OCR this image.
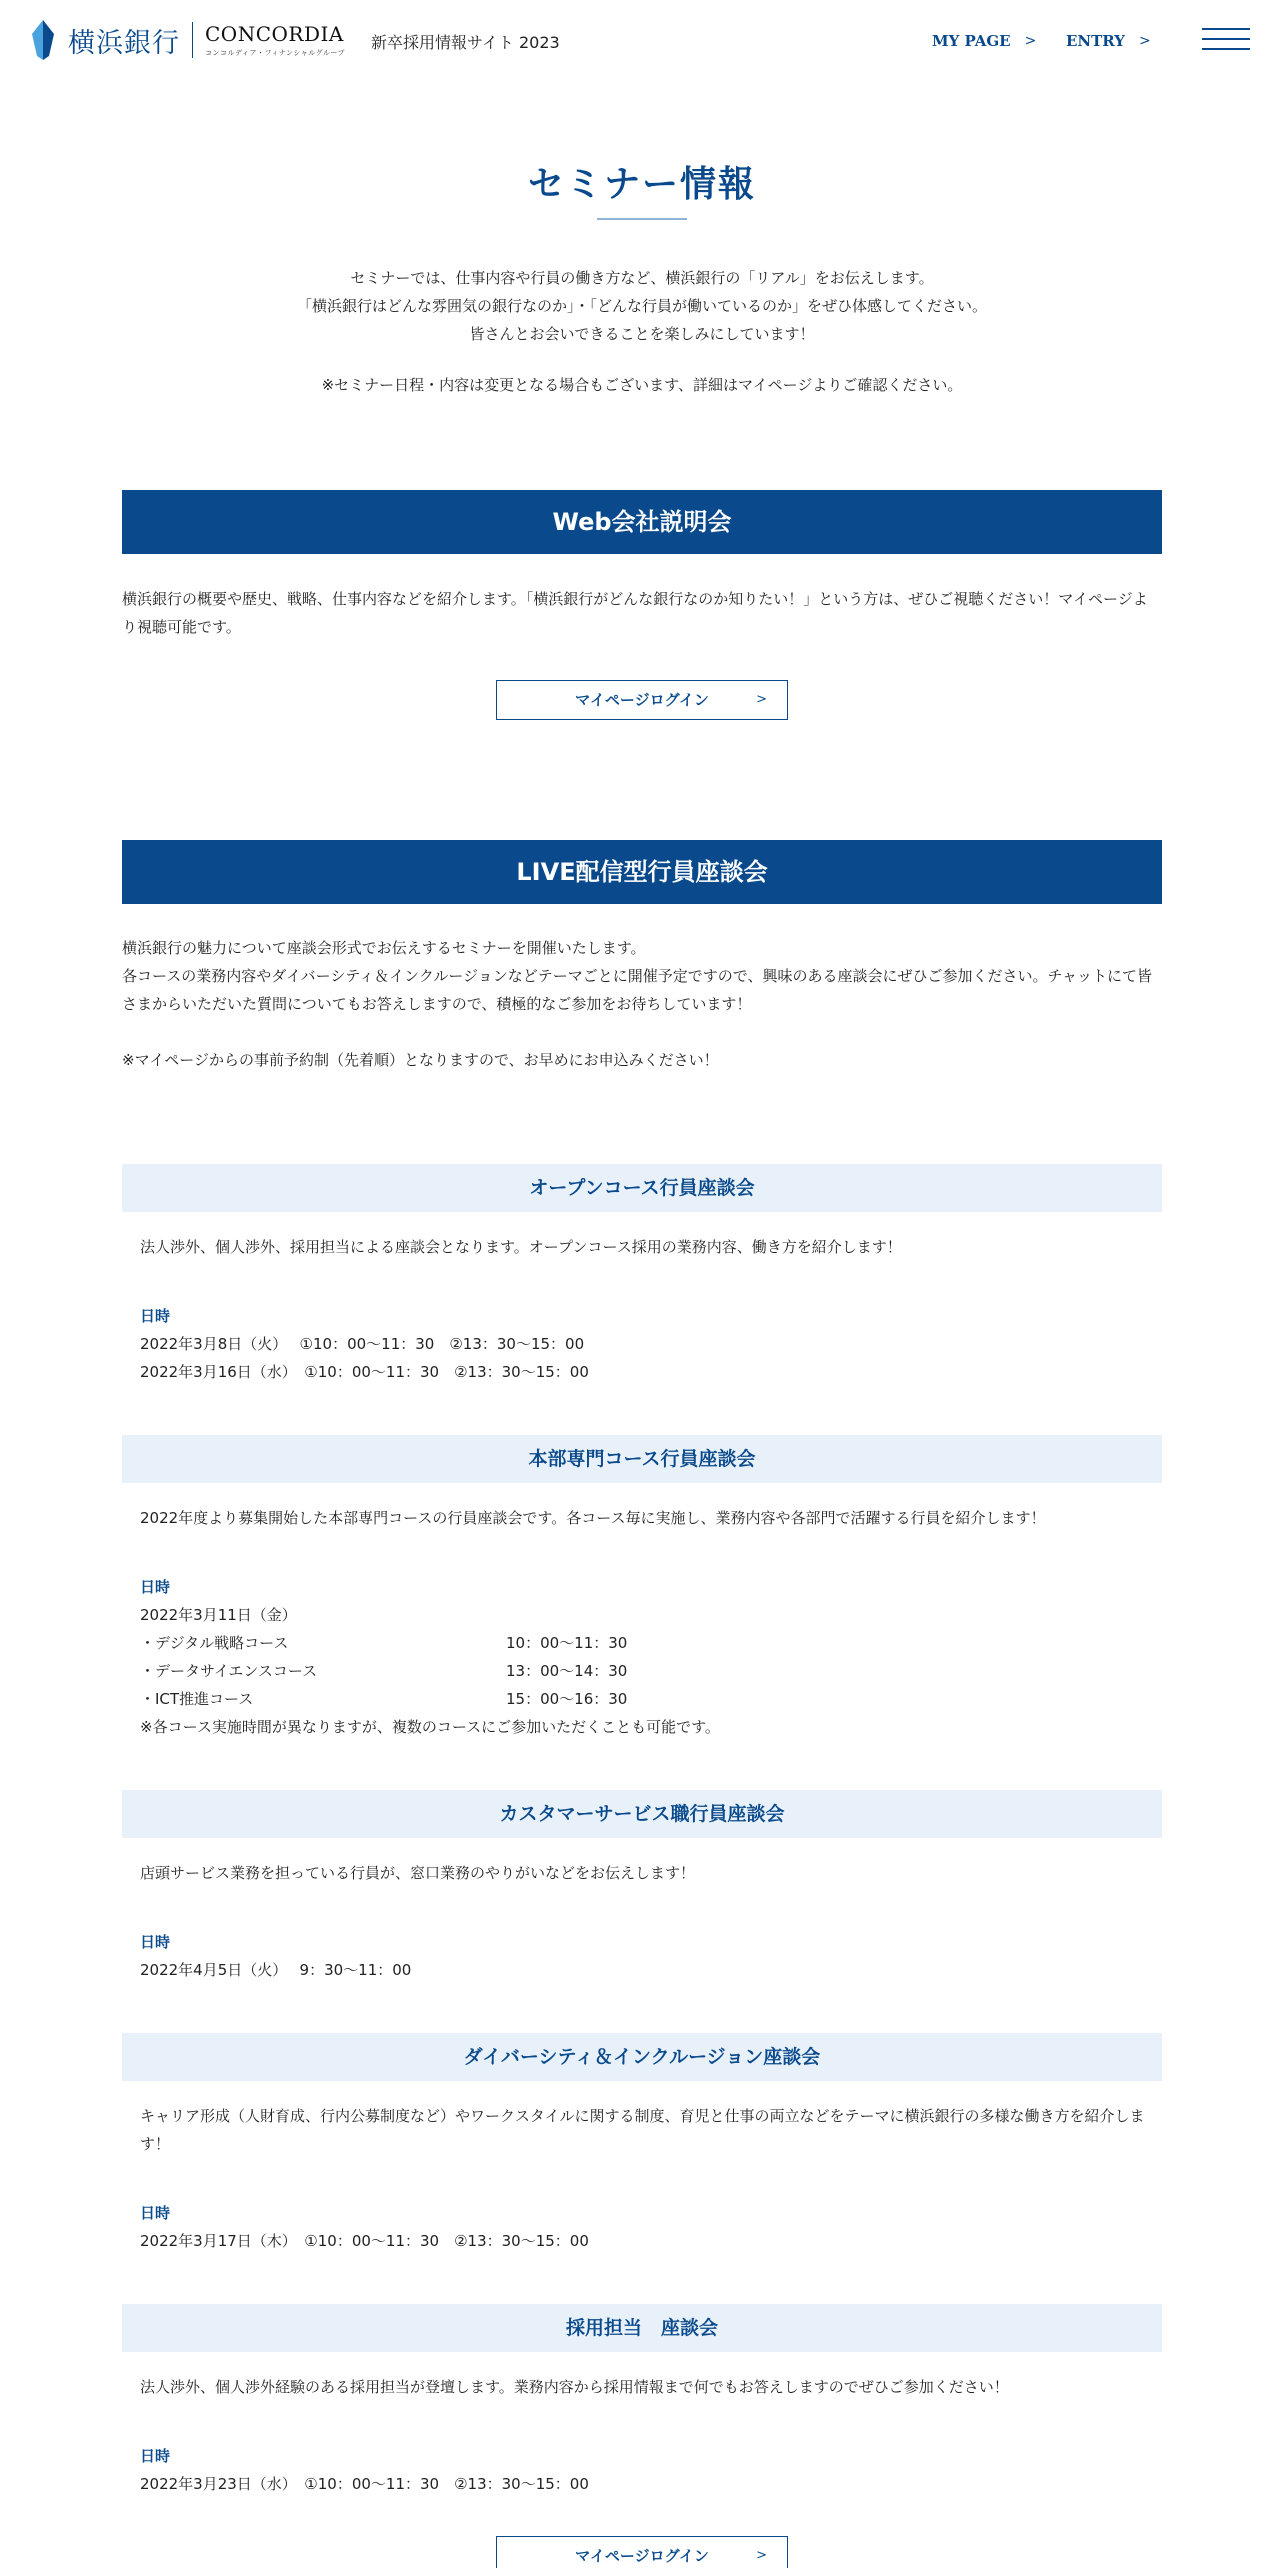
横浜銀行 CONCORDIA
コンコルディア・フィナンシャルグループ
新卒採用情報サイト 2023	MY PAGE > ENTRY >
セミナー情報
セミナーでは、仕事内容や行員の働き方など、横浜銀行の「リアル」をお伝えします。
「横浜銀行はどんな雰囲気の銀行なのか」・「どんな行員が働いているのか」をぜひ体感してください。
皆さんとお会いできることを楽しみにしています！
※セミナー日程・内容は変更となる場合もございます、詳細はマイページよりご確認ください。
Web会社説明会

横浜銀行の概要や歴史、戦略、仕事内容などを紹介します。「横浜銀行がどんな銀行なのか知りたい！」という方は、ぜひご視聴ください！マイページより視聴可能です。

マイページログイン	>
LIVE配信型行員座談会

横浜銀行の魅力について座談会形式でお伝えするセミナーを開催いたします。

各コースの業務内容やダイバーシティ＆インクルージョンなどテーマごとに開催予定ですので、興味のある座談会にぜひご参加ください。チャットにて皆さまからいただいた質問についてもお答えしますので、積極的なご参加をお待ちしています！

※マイページからの事前予約制（先着順）となりますので、お早めにお申込みください！

オープンコース行員座談会

法人渉外、個人渉外、採用担当による座談会となります。オープンコース採用の業務内容、働き方を紹介します！

日時
2022年3月8日（火）　 ①10：00～11：30　②13：30～15：00
2022年3月16日（水）　①10：00～11：30　②13：30～15：00
本部専門コース行員座談会

2022年度より募集開始した本部専門コースの行員座談会です。各コース毎に実施し、業務内容や各部門で活躍する行員を紹介します！

日時
2022年3月11日（金）
・デジタル戦略コース	10：00～11：30
・データサイエンスコース	13：00～14：30
・ICT推進コース	15：00～16：30
※各コース実施時間が異なりますが、複数のコースにご参加いただくことも可能です。
カスタマーサービス職行員座談会

店頭サービス業務を担っている行員が、窓口業務のやりがいなどをお伝えします！

日時
2022年4月5日（火）　 9：30～11：00
ダイバーシティ＆インクルージョン座談会

キャリア形成（人財育成、行内公募制度など）やワークスタイルに関する制度、育児と仕事の両立などをテーマに横浜銀行の多様な働き方を紹介します！

日時
2022年3月17日（木）　①10：00～11：30　②13：30～15：00
採用担当　座談会

法人渉外、個人渉外経験のある採用担当が登壇します。業務内容から採用情報まで何でもお答えしますのでぜひご参加ください！

日時
2022年3月23日（水）　①10：00～11：30　②13：30～15：00
マイページログイン	>
